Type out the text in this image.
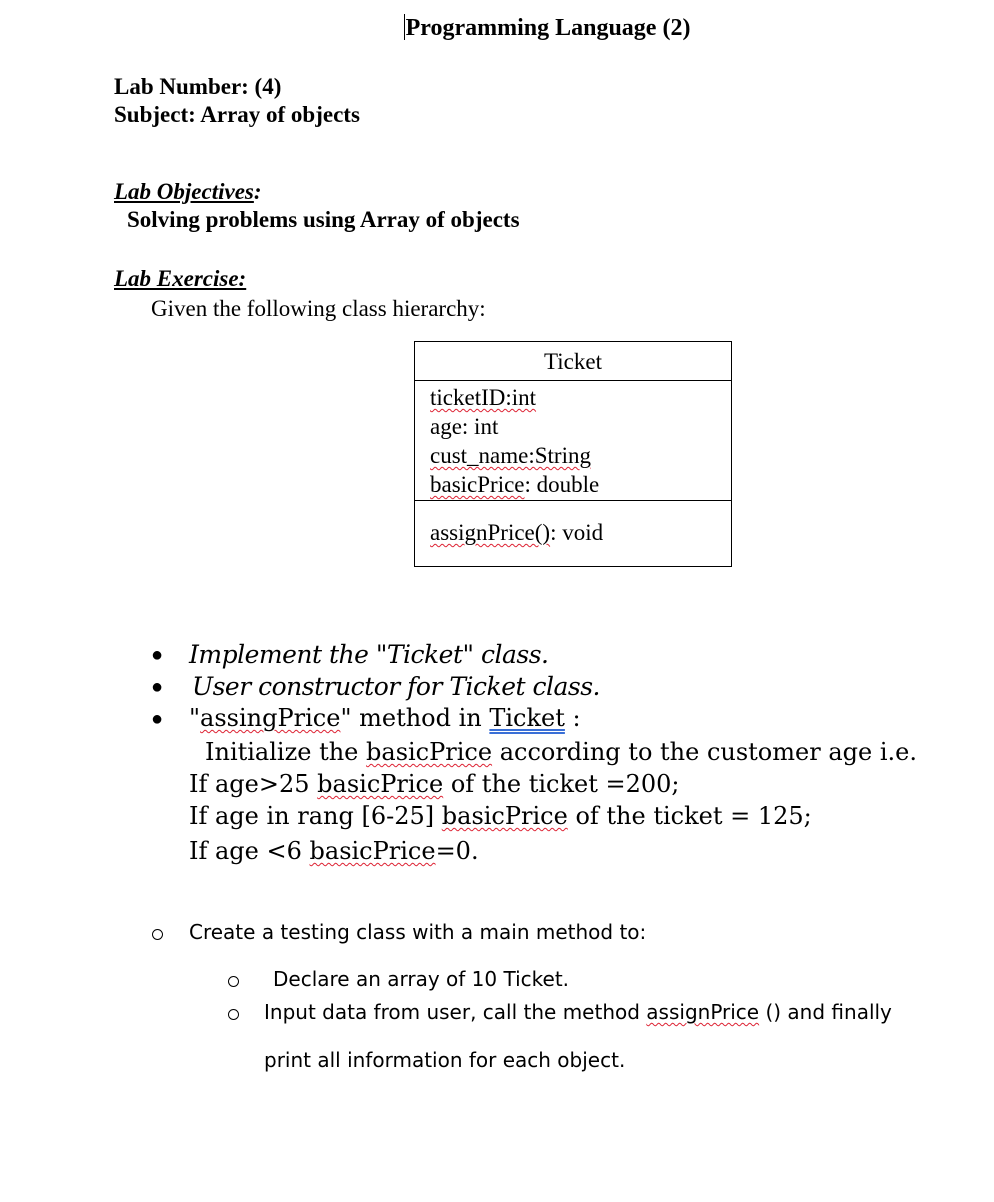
Programming Language (2)
Lab Number: (4)
Subject: Array of objects
Lab Objectives:
Solving problems using Array of objects
Lab Exercise:
Given the following class hierarchy:
Ticket
ticketID:int
age: int
cust_name:String
basicPrice: double
assignPrice(): void
● Implement the "Ticket" class.
● User constructor for Ticket class.
● "assingPrice" method in Ticket :
Initialize the basicPrice according to the customer age i.e.
If age>25 basicPrice of the ticket =200;
If age in rang [6-25] basicPrice of the ticket = 125;
If age <6 basicPrice=0.
Create a testing class with a main method to:
Declare an array of 10 Ticket.
Input data from user, call the method assignPrice () and finally
print all information for each object.
